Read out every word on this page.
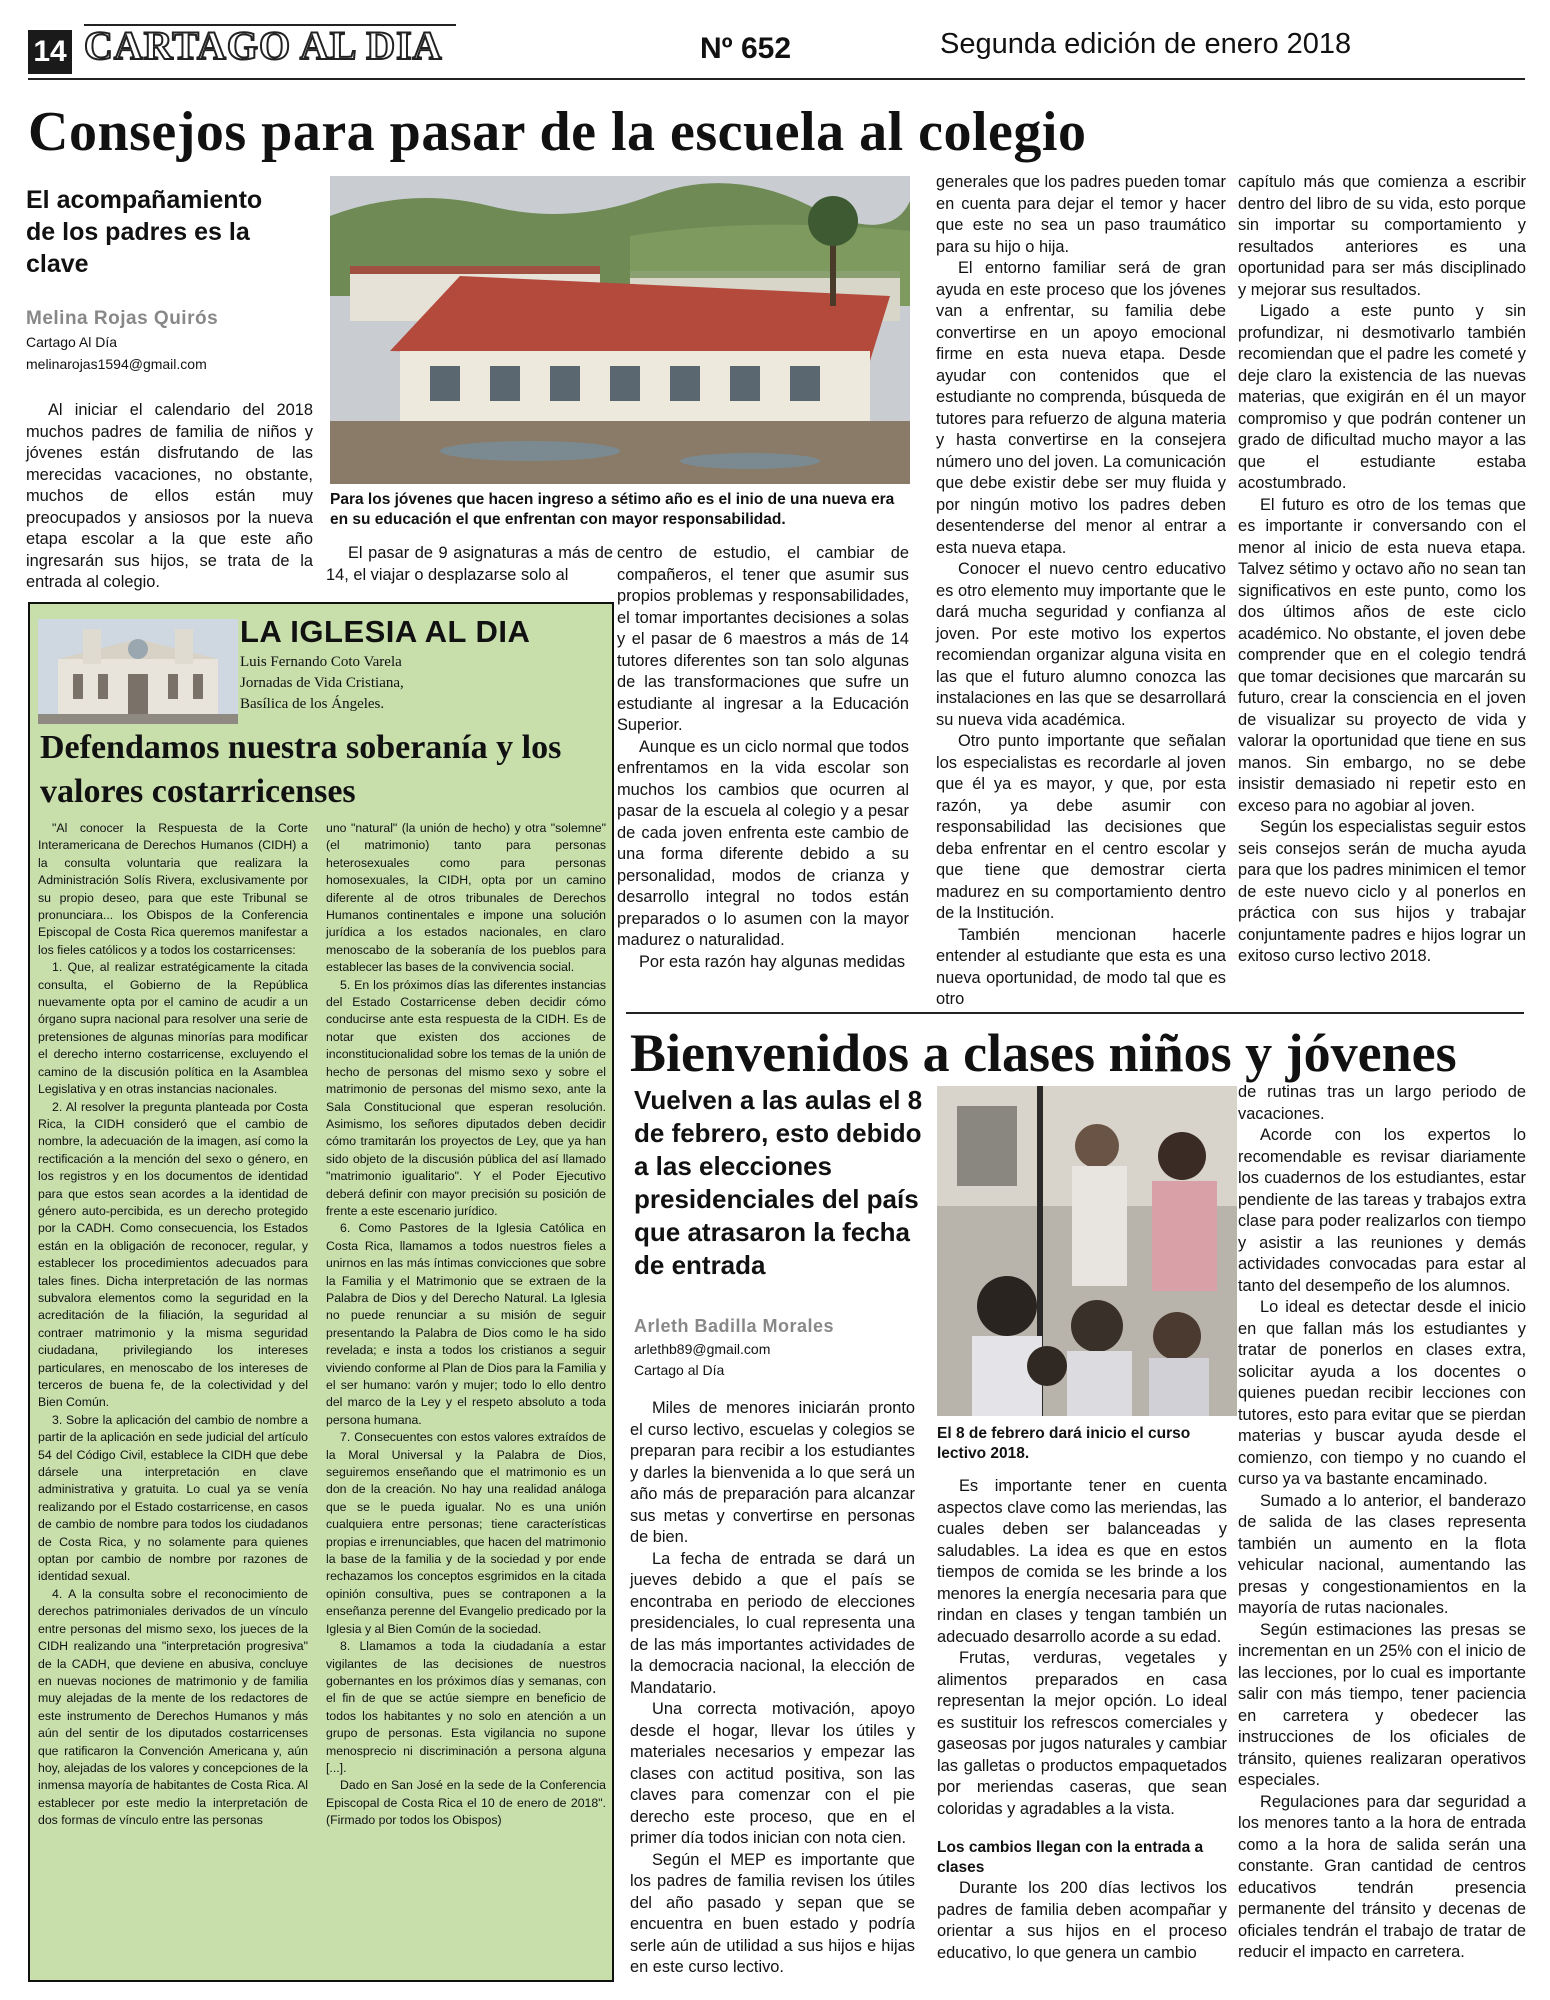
14 CARTAGO AL DIA	Nº 652	Segunda edición de enero 2018
Consejos para pasar de la escuela al colegio
El acompañamiento de los padres es la clave
Melina Rojas Quirós
Cartago Al Día
melinarojas1594@gmail.com

Al iniciar el calendario del 2018 muchos padres de familia de niños y jóvenes están disfrutando de las merecidas vacaciones, no obstante, muchos de ellos están muy preocupados y ansiosos por la nueva etapa escolar a la que este año ingresarán sus hijos, se trata de la entrada al colegio.

Para los jóvenes que hacen ingreso a sétimo año es el inio de una nueva era en su educación el que enfrentan con mayor responsabilidad.

El pasar de 9 asignaturas a más de 14, el viajar o desplazarse solo al

centro de estudio, el cambiar de compañeros, el tener que asumir sus propios problemas y responsabilidades, el tomar importantes decisiones a solas y el pasar de 6 maestros a más de 14 tutores diferentes son tan solo algunas de las transformaciones que sufre un estudiante al ingresar a la Educación Superior.

Aunque es un ciclo normal que todos enfrentamos en la vida escolar son muchos los cambios que ocurren al pasar de la escuela al colegio y a pesar de cada joven enfrenta este cambio de una forma diferente debido a su personalidad, modos de crianza y desarrollo integral no todos están preparados o lo asumen con la mayor madurez o naturalidad.

Por esta razón hay algunas medidas

generales que los padres pueden tomar en cuenta para dejar el temor y hacer que este no sea un paso traumático para su hijo o hija.

El entorno familiar será de gran ayuda en este proceso que los jóvenes van a enfrentar, su familia debe convertirse en un apoyo emocional firme en esta nueva etapa. Desde ayudar con contenidos que el estudiante no comprenda, búsqueda de tutores para refuerzo de alguna materia y hasta convertirse en la consejera número uno del joven. La comunicación que debe existir debe ser muy fluida y por ningún motivo los padres deben desentenderse del menor al entrar a esta nueva etapa.

Conocer el nuevo centro educativo es otro elemento muy importante que le dará mucha seguridad y confianza al joven. Por este motivo los expertos recomiendan organizar alguna visita en las que el futuro alumno conozca las instalaciones en las que se desarrollará su nueva vida académica.

Otro punto importante que señalan los especialistas es recordarle al joven que él ya es mayor, y que, por esta razón, ya debe asumir con responsabilidad las decisiones que deba enfrentar en el centro escolar y que tiene que demostrar cierta madurez en su comportamiento dentro de la Institución.

También mencionan hacerle entender al estudiante que esta es una nueva oportunidad, de modo tal que es otro

capítulo más que comienza a escribir dentro del libro de su vida, esto porque sin importar su comportamiento y resultados anteriores es una oportunidad para ser más disciplinado y mejorar sus resultados.

Ligado a este punto y sin profundizar, ni desmotivarlo también recomiendan que el padre les cometé y deje claro la existencia de las nuevas materias, que exigirán en él un mayor compromiso y que podrán contener un grado de dificultad mucho mayor a las que el estudiante estaba acostumbrado.

El futuro es otro de los temas que es importante ir conversando con el menor al inicio de esta nueva etapa. Talvez sétimo y octavo año no sean tan significativos en este punto, como los dos últimos años de este ciclo académico. No obstante, el joven debe comprender que en el colegio tendrá que tomar decisiones que marcarán su futuro, crear la consciencia en el joven de visualizar su proyecto de vida y valorar la oportunidad que tiene en sus manos. Sin embargo, no se debe insistir demasiado ni repetir esto en exceso para no agobiar al joven.

Según los especialistas seguir estos seis consejos serán de mucha ayuda para que los padres minimicen el temor de este nuevo ciclo y al ponerlos en práctica con sus hijos y trabajar conjuntamente padres e hijos lograr un exitoso curso lectivo 2018.

LA IGLESIA AL DIA
Luis Fernando Coto Varela
Jornadas de Vida Cristiana,
Basílica de los Ángeles.
Defendamos nuestra soberanía y los valores costarricenses

"Al conocer la Respuesta de la Corte Interamericana de Derechos Humanos (CIDH) a la consulta voluntaria que realizara la Administración Solís Rivera, exclusivamente por su propio deseo, para que este Tribunal se pronunciara... los Obispos de la Conferencia Episcopal de Costa Rica queremos manifestar a los fieles católicos y a todos los costarricenses:

1. Que, al realizar estratégicamente la citada consulta, el Gobierno de la República nuevamente opta por el camino de acudir a un órgano supra nacional para resolver una serie de pretensiones de algunas minorías para modificar el derecho interno costarricense, excluyendo el camino de la discusión política en la Asamblea Legislativa y en otras instancias nacionales.

2. Al resolver la pregunta planteada por Costa Rica, la CIDH consideró que el cambio de nombre, la adecuación de la imagen, así como la rectificación a la mención del sexo o género, en los registros y en los documentos de identidad para que estos sean acordes a la identidad de género auto-percibida, es un derecho protegido por la CADH. Como consecuencia, los Estados están en la obligación de reconocer, regular, y establecer los procedimientos adecuados para tales fines. Dicha interpretación de las normas subvalora elementos como la seguridad en la acreditación de la filiación, la seguridad al contraer matrimonio y la misma seguridad ciudadana, privilegiando los intereses particulares, en menoscabo de los intereses de terceros de buena fe, de la colectividad y del Bien Común.

3. Sobre la aplicación del cambio de nombre a partir de la aplicación en sede judicial del artículo 54 del Código Civil, establece la CIDH que debe dársele una interpretación en clave administrativa y gratuita. Lo cual ya se venía realizando por el Estado costarricense, en casos de cambio de nombre para todos los ciudadanos de Costa Rica, y no solamente para quienes optan por cambio de nombre por razones de identidad sexual.

4. A la consulta sobre el reconocimiento de derechos patrimoniales derivados de un vínculo entre personas del mismo sexo, los jueces de la CIDH realizando una "interpretación progresiva" de la CADH, que deviene en abusiva, concluye en nuevas nociones de matrimonio y de familia muy alejadas de la mente de los redactores de este instrumento de Derechos Humanos y más aún del sentir de los diputados costarricenses que ratificaron la Convención Americana y, aún hoy, alejadas de los valores y concepciones de la inmensa mayoría de habitantes de Costa Rica. Al establecer por este medio la interpretación de dos formas de vínculo entre las personas

uno "natural" (la unión de hecho) y otra "solemne" (el matrimonio) tanto para personas heterosexuales como para personas homosexuales, la CIDH, opta por un camino diferente al de otros tribunales de Derechos Humanos continentales e impone una solución jurídica a los estados nacionales, en claro menoscabo de la soberanía de los pueblos para establecer las bases de la convivencia social.

5. En los próximos días las diferentes instancias del Estado Costarricense deben decidir cómo conducirse ante esta respuesta de la CIDH. Es de notar que existen dos acciones de inconstitucionalidad sobre los temas de la unión de hecho de personas del mismo sexo y sobre el matrimonio de personas del mismo sexo, ante la Sala Constitucional que esperan resolución. Asimismo, los señores diputados deben decidir cómo tramitarán los proyectos de Ley, que ya han sido objeto de la discusión pública del así llamado "matrimonio igualitario". Y el Poder Ejecutivo deberá definir con mayor precisión su posición de frente a este escenario jurídico.

6. Como Pastores de la Iglesia Católica en Costa Rica, llamamos a todos nuestros fieles a unirnos en las más íntimas convicciones que sobre la Familia y el Matrimonio que se extraen de la Palabra de Dios y del Derecho Natural. La Iglesia no puede renunciar a su misión de seguir presentando la Palabra de Dios como le ha sido revelada; e insta a todos los cristianos a seguir viviendo conforme al Plan de Dios para la Familia y el ser humano: varón y mujer; todo lo ello dentro del marco de la Ley y el respeto absoluto a toda persona humana.

7. Consecuentes con estos valores extraídos de la Moral Universal y la Palabra de Dios, seguiremos enseñando que el matrimonio es un don de la creación. No hay una realidad análoga que se le pueda igualar. No es una unión cualquiera entre personas; tiene características propias e irrenunciables, que hacen del matrimonio la base de la familia y de la sociedad y por ende rechazamos los conceptos esgrimidos en la citada opinión consultiva, pues se contraponen a la enseñanza perenne del Evangelio predicado por la Iglesia y al Bien Común de la sociedad.

8. Llamamos a toda la ciudadanía a estar vigilantes de las decisiones de nuestros gobernantes en los próximos días y semanas, con el fin de que se actúe siempre en beneficio de todos los habitantes y no solo en atención a un grupo de personas. Esta vigilancia no supone menosprecio ni discriminación a persona alguna [...].

Dado en San José en la sede de la Conferencia Episcopal de Costa Rica el 10 de enero de 2018". (Firmado por todos los Obispos)

Bienvenidos a clases niños y jóvenes
Vuelven a las aulas el 8 de febrero, esto debido a las elecciones presidenciales del país que atrasaron la fecha de entrada
Arleth Badilla Morales
arlethb89@gmail.com
Cartago al Día

Miles de menores iniciarán pronto el curso lectivo, escuelas y colegios se preparan para recibir a los estudiantes y darles la bienvenida a lo que será un año más de preparación para alcanzar sus metas y convertirse en personas de bien.

La fecha de entrada se dará un jueves debido a que el país se encontraba en periodo de elecciones presidenciales, lo cual representa una de las más importantes actividades de la democracia nacional, la elección de Mandatario.

Una correcta motivación, apoyo desde el hogar, llevar los útiles y materiales necesarios y empezar las clases con actitud positiva, son las claves para comenzar con el pie derecho este proceso, que en el primer día todos inician con nota cien.

Según el MEP es importante que los padres de familia revisen los útiles del año pasado y sepan que se encuentra en buen estado y podría serle aún de utilidad a sus hijos e hijas en este curso lectivo.

El 8 de febrero dará inicio el curso lectivo 2018.

Es importante tener en cuenta aspectos clave como las meriendas, las cuales deben ser balanceadas y saludables. La idea es que en estos tiempos de comida se les brinde a los menores la energía necesaria para que rindan en clases y tengan también un adecuado desarrollo acorde a su edad.

Frutas, verduras, vegetales y alimentos preparados en casa representan la mejor opción. Lo ideal es sustituir los refrescos comerciales y gaseosas por jugos naturales y cambiar las galletas o productos empaquetados por meriendas caseras, que sean coloridas y agradables a la vista.

Los cambios llegan con la entrada a clases

Durante los 200 días lectivos los padres de familia deben acompañar y orientar a sus hijos en el proceso educativo, lo que genera un cambio

de rutinas tras un largo periodo de vacaciones.

Acorde con los expertos lo recomendable es revisar diariamente los cuadernos de los estudiantes, estar pendiente de las tareas y trabajos extra clase para poder realizarlos con tiempo y asistir a las reuniones y demás actividades convocadas para estar al tanto del desempeño de los alumnos.

Lo ideal es detectar desde el inicio en que fallan más los estudiantes y tratar de ponerlos en clases extra, solicitar ayuda a los docentes o quienes puedan recibir lecciones con tutores, esto para evitar que se pierdan materias y buscar ayuda desde el comienzo, con tiempo y no cuando el curso ya va bastante encaminado.

Sumado a lo anterior, el banderazo de salida de las clases representa también un aumento en la flota vehicular nacional, aumentando las presas y congestionamientos en la mayoría de rutas nacionales.

Según estimaciones las presas se incrementan en un 25% con el inicio de las lecciones, por lo cual es importante salir con más tiempo, tener paciencia en carretera y obedecer las instrucciones de los oficiales de tránsito, quienes realizaran operativos especiales.

Regulaciones para dar seguridad a los menores tanto a la hora de entrada como a la hora de salida serán una constante. Gran cantidad de centros educativos tendrán presencia permanente del tránsito y decenas de oficiales tendrán el trabajo de tratar de reducir el impacto en carretera.
